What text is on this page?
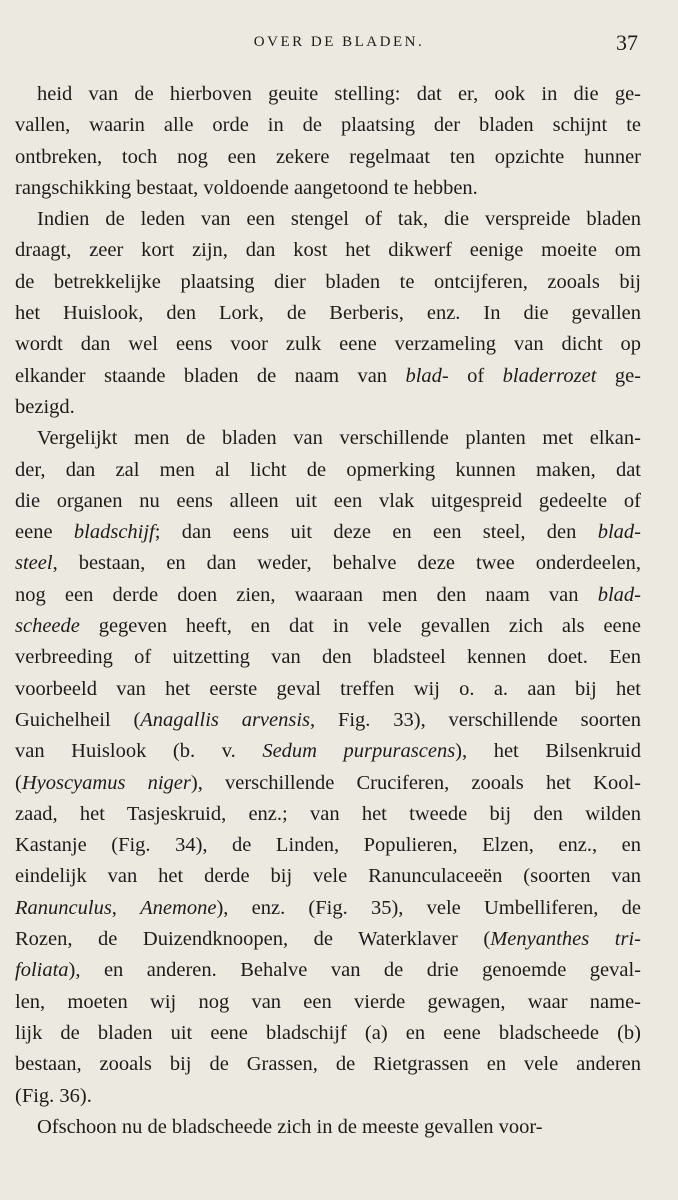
OVER DE BLADEN.	37

heid van de hierboven geuite stelling: dat er, ook in die ge-
vallen, waarin alle orde in de plaatsing der bladen schijnt te
ontbreken, toch nog een zekere regelmaat ten opzichte hunner
rangschikking bestaat, voldoende aangetoond te hebben.

Indien de leden van een stengel of tak, die verspreide bladen
draagt, zeer kort zijn, dan kost het dikwerf eenige moeite om
de betrekkelijke plaatsing dier bladen te ontcijferen, zooals bij
het Huislook, den Lork, de Berberis, enz. In die gevallen
wordt dan wel eens voor zulk eene verzameling van dicht op
elkander staande bladen de naam van blad- of bladerrozet ge-
bezigd.

Vergelijkt men de bladen van verschillende planten met elkan-
der, dan zal men al licht de opmerking kunnen maken, dat
die organen nu eens alleen uit een vlak uitgespreid gedeelte of
eene bladschijf; dan eens uit deze en een steel, den blad-
steel, bestaan, en dan weder, behalve deze twee onderdeelen,
nog een derde doen zien, waaraan men den naam van blad-
scheede gegeven heeft, en dat in vele gevallen zich als eene
verbreeding of uitzetting van den bladsteel kennen doet. Een
voorbeeld van het eerste geval treffen wij o. a. aan bij het
Guichelheil (Anagallis arvensis, Fig. 33), verschillende soorten
van Huislook (b. v. Sedum purpurascens), het Bilsenkruid
(Hyoscyamus niger), verschillende Cruciferen, zooals het Kool-
zaad, het Tasjeskruid, enz.; van het tweede bij den wilden
Kastanje (Fig. 34), de Linden, Populieren, Elzen, enz., en
eindelijk van het derde bij vele Ranunculaceeën (soorten van
Ranunculus, Anemone), enz. (Fig. 35), vele Umbelliferen, de
Rozen, de Duizendknoopen, de Waterklaver (Menyanthes tri-
foliata), en anderen. Behalve van de drie genoemde geval-
len, moeten wij nog van een vierde gewagen, waar name-
lijk de bladen uit eene bladschijf (a) en eene bladscheede (b)
bestaan, zooals bij de Grassen, de Rietgrassen en vele anderen
(Fig. 36).

Ofschoon nu de bladscheede zich in de meeste gevallen voor-
